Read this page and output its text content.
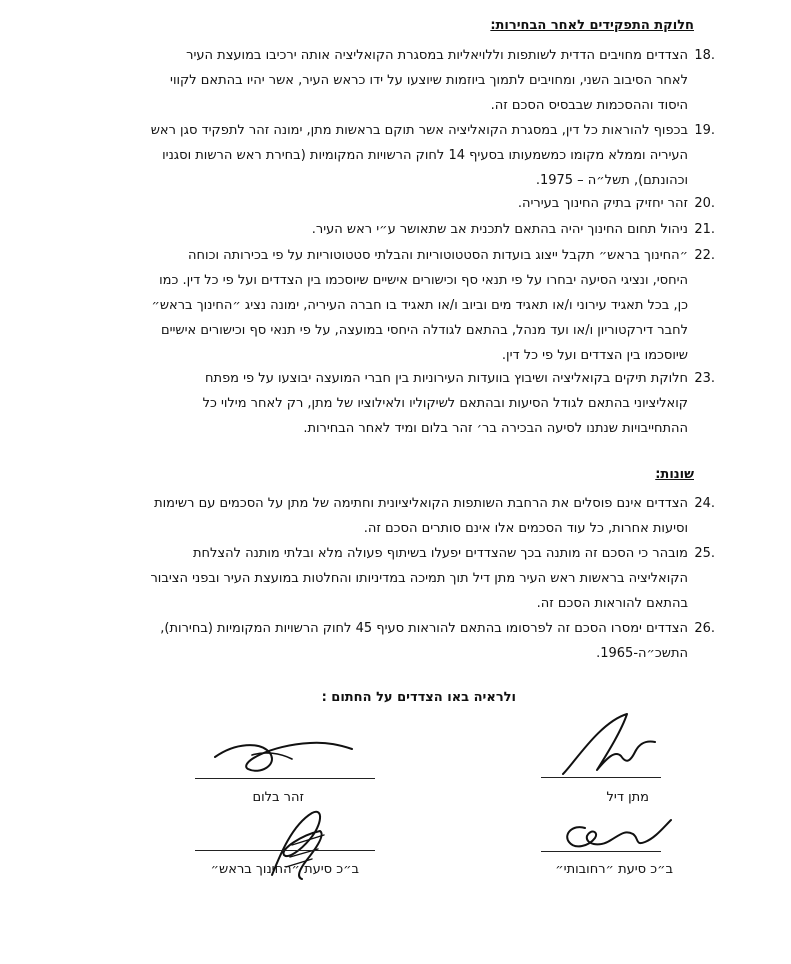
חלוקת התפקידים לאחר הבחירות:
.18
הצדדים מחויבים הדדית לשותפות וללויאליות במסגרת הקואליציה אותה ירכיבו במועצת העיר
לאחר הסיבוב השני, ומחויבים לתמוך ביוזמות שיוצעו על ידו כראש העיר, אשר יהיו בהתאם לקווי
היסוד וההסכמות שבבסיס הסכם זה.
.19
בכפוף להוראות כל דין, במסגרת הקואליציה אשר תוקם בראשות מתן, ימונה זהר לתפקיד סגן ראש
העיריה וממלא מקומו כמשמעותו בסעיף 14 לחוק הרשויות המקומיות (בחירת ראש הרשות וסגניו
וכהונתם), תשל״ה – 1975.
.20
זהר יחזיק בתיק החינוך בעיריה.
.21
ניהול תחום החינוך יהיה בהתאם לתכנית אב שתאושר ע״י ראש העיר.
.22
״החינוך בראש״ תקבל ייצוג בועדות הסטטוטוריות והבלתי סטטוטוריות על פי בכירותה וכוחה
היחסי, ונציגי הסיעה יבחרו על פי תנאי סף וכישורים אישיים שיוסכמו בין הצדדים ועל פי כל דין. כמו
כן, בכל תאגיד עירוני ו/או תאגיד מים וביוב ו/או תאגיד בו חברה העיריה, ימונה נציג ״החינוך בראש״
לחבר דירקטוריון ו/או ועד מנהל, בהתאם לגודלה היחסי במועצה, על פי תנאי סף וכישורים אישיים
שיוסכמו בין הצדדים ועל פי כל דין.
.23
חלוקת תיקים בקואליציה ושיבוץ בוועדות העירוניות בין חברי המועצה יבוצעו על פי מפתח
קואליציוני בהתאם לגודל הסיעות ובהתאם לשיקוליו ולאילוציו של מתן, רק לאחר מילוי כל
ההתחייבויות שנתנו לסיעה הבכירה בר׳ זהר בלום ומיד לאחר הבחירות.
שונות:
.24
הצדדים אינם פוסלים את הרחבת השותפות הקואליציונית וחתימה של מתן על הסכמים עם רשימות
וסיעות אחרות, כל עוד הסכמים אלו אינם סותרים הסכם זה.
.25
מובהר כי הסכם זה מותנה בכך שהצדדים יפעלו בשיתוף פעולה מלא ובלתי מותנה להצלחת
הקואליציה בראשות ראש העיר מתן דיל תוך תמיכה במדיניותו והחלטות במועצת העיר ובפני הציבור
בהתאם להוראות הסכם זה.
.26
הצדדים ימסרו הסכם זה לפרסומו בהתאם להוראות סעיף 45 לחוק הרשויות המקומיות (בחירות),
התשכ״ה-1965.
ולראיה באו הצדדים על החתום :
מתן דיל
זהר בלום
ב״כ סיעת ״רחובותי״
ב״כ סיעת ״החינוך בראש״
